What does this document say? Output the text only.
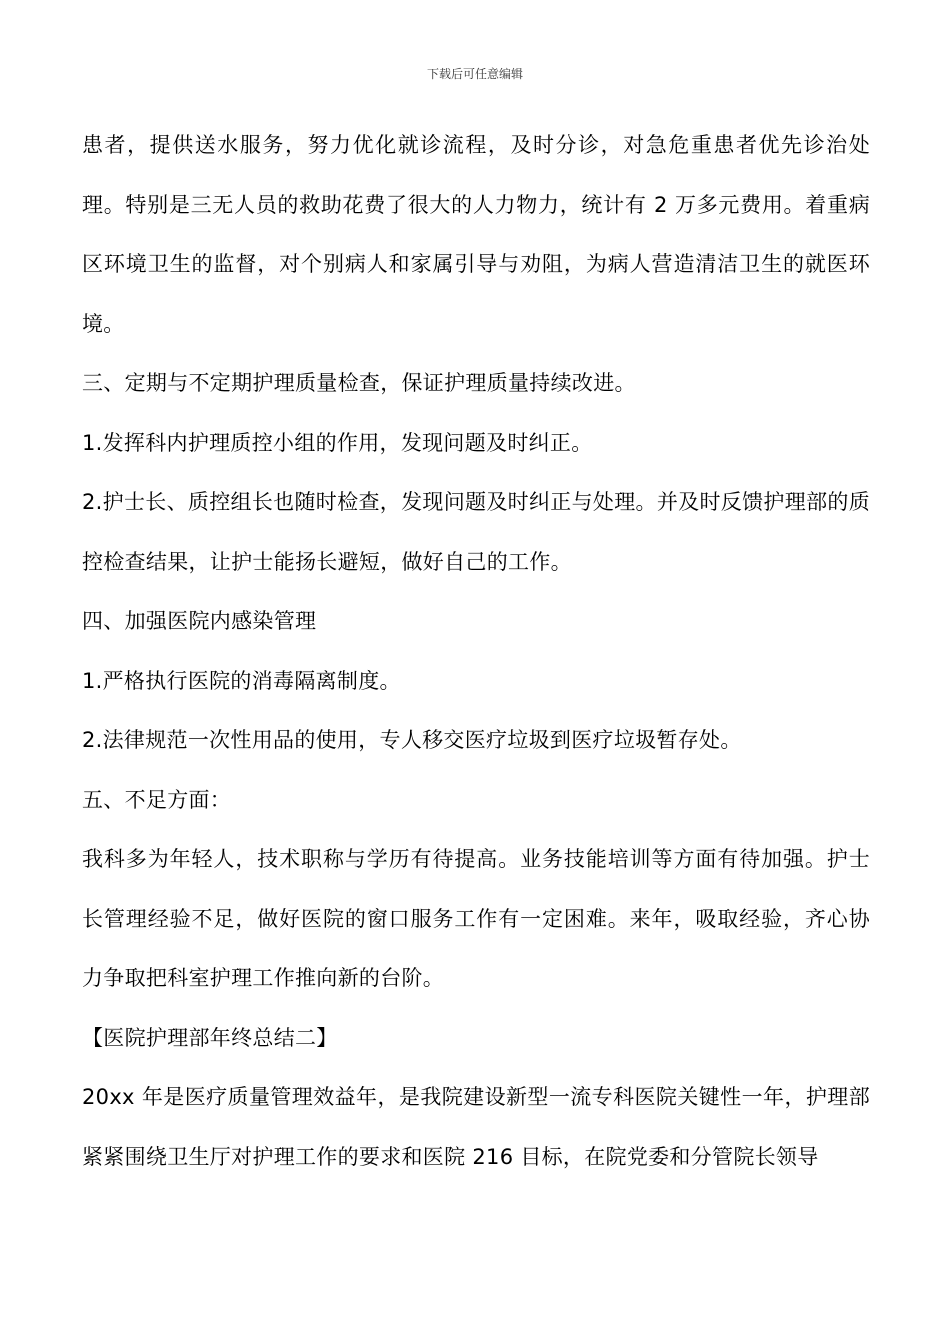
下载后可任意编辑

患者，提供送水服务，努力优化就诊流程，及时分诊，对急危重患者优先诊治处理。特别是三无人员的救助花费了很大的人力物力，统计有 2 万多元费用。着重病区环境卫生的监督，对个别病人和家属引导与劝阻，为病人营造清洁卫生的就医环境。

三、定期与不定期护理质量检查，保证护理质量持续改进。

1.发挥科内护理质控小组的作用，发现问题及时纠正。

2.护士长、质控组长也随时检查，发现问题及时纠正与处理。并及时反馈护理部的质控检查结果，让护士能扬长避短，做好自己的工作。

四、加强医院内感染管理

1.严格执行医院的消毒隔离制度。

2.法律规范一次性用品的使用，专人移交医疗垃圾到医疗垃圾暂存处。

五、不足方面：

我科多为年轻人，技术职称与学历有待提高。业务技能培训等方面有待加强。护士长管理经验不足，做好医院的窗口服务工作有一定困难。来年，吸取经验，齐心协力争取把科室护理工作推向新的台阶。

【医院护理部年终总结二】

20xx 年是医疗质量管理效益年，是我院建设新型一流专科医院关键性一年，护理部紧紧围绕卫生厅对护理工作的要求和医院 216 目标，在院党委和分管院长领导
